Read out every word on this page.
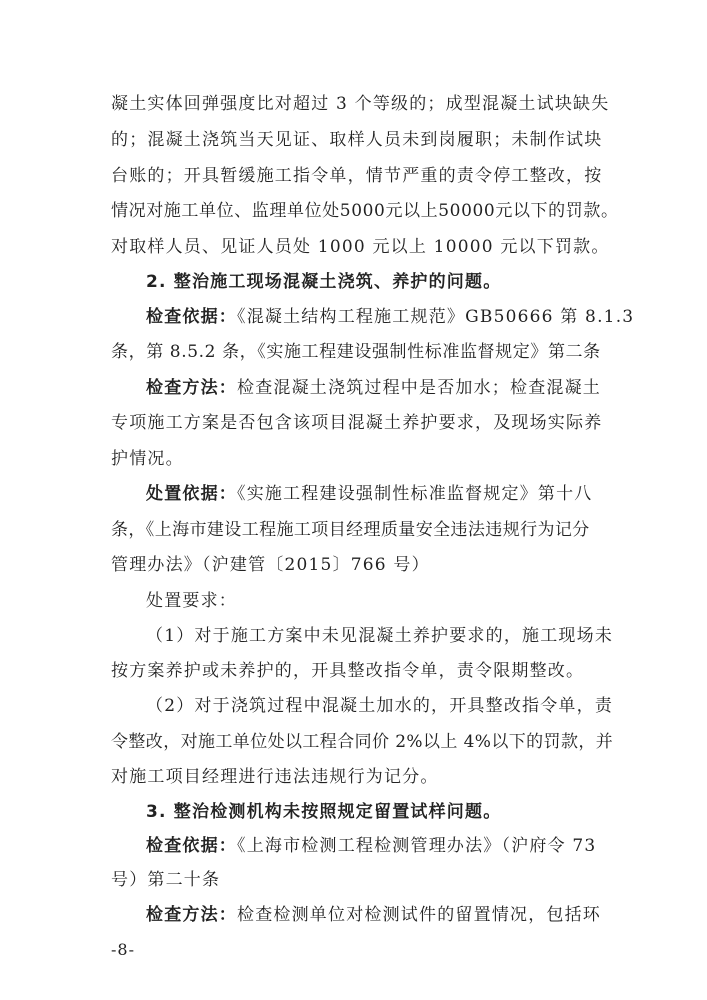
凝土实体回弹强度比对超过 3 个等级的；成型混凝土试块缺失
的；混凝土浇筑当天见证、取样人员未到岗履职；未制作试块
台账的；开具暂缓施工指令单，情节严重的责令停工整改，按
情况对施工单位、监理单位处5000元以上50000元以下的罚款。
对取样人员、见证人员处 1000 元以上 10000 元以下罚款。
2. 整治施工现场混凝土浇筑、养护的问题。
检查依据：《混凝土结构工程施工规范》GB50666 第 8.1.3
条，第 8.5.2 条，《实施工程建设强制性标准监督规定》第二条
检查方法：检查混凝土浇筑过程中是否加水；检查混凝土
专项施工方案是否包含该项目混凝土养护要求，及现场实际养
护情况。
处置依据：《实施工程建设强制性标准监督规定》第十八
条，《上海市建设工程施工项目经理质量安全违法违规行为记分
管理办法》（沪建管〔2015〕766 号）
处置要求：
（1）对于施工方案中未见混凝土养护要求的，施工现场未
按方案养护或未养护的，开具整改指令单，责令限期整改。
（2）对于浇筑过程中混凝土加水的，开具整改指令单，责
令整改，对施工单位处以工程合同价 2%以上 4%以下的罚款，并
对施工项目经理进行违法违规行为记分。
3. 整治检测机构未按照规定留置试样问题。
检查依据：《上海市检测工程检测管理办法》（沪府令 73
号）第二十条
检查方法：检查检测单位对检测试件的留置情况，包括环
-8-
